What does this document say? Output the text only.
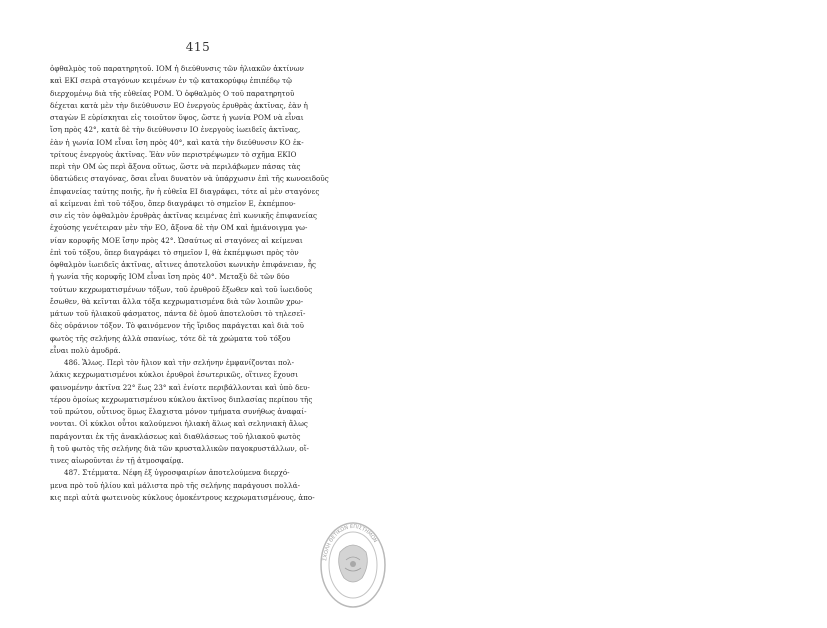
415
ὀφθαλμὸς τοῦ παρατηρητοῦ. ΙΟΜ ἡ διεύθυνσις τῶν ἡλιακῶν ἀκτίνων
καὶ ΕΚΙ σειρὰ σταγόνων κειμένων ἐν τῷ κατακορύφῳ ἐπιπέδῳ τῷ
διερχομένῳ διὰ τῆς εὐθείας ΡΟΜ. Ὁ ὀφθαλμὸς Ο τοῦ παρατηρητοῦ
δέχεται κατὰ μὲν τὴν διεύθυνσιν ΕΟ ἐνεργοὺς ἐρυθρὰς ἀκτῖνας, ἐὰν ἡ
σταγὼν Ε εὑρίσκηται εἰς τοιοῦτον ὕψος, ὥστε ἡ γωνία ΡΟΜ νὰ εἶναι
ἴση πρὸς 42°, κατὰ δὲ τὴν διεύθυνσιν ΙΟ ἐνεργοὺς ἰωειδεῖς ἀκτῖνας,
ἐὰν ἡ γωνία ΙΟΜ εἶναι ἴση πρὸς 40°, καὶ κατὰ τὴν διεύθυνσιν ΚΟ ἐκ-
τρίτους ἐνεργοὺς ἀκτῖνας. Ἐὰν νῦν περιστρέψωμεν τὸ σχῆμα ΕΚΙΟ
περὶ τὴν ΟΜ ὡς περὶ ἄξονα οὕτως, ὥστε νὰ περιλάβωμεν πάσας τὰς
ὑδατώδεις σταγόνας, ὅσαι εἶναι δυνατὸν νὰ ὑπάρχωσιν ἐπὶ τῆς κωνοειδοῦς
ἐπιφανείας ταύτης ποιῆς, ἣν ἡ εὐθεῖα ΕΙ διαγράφει, τότε αἱ μὲν σταγόνες
αἱ κείμεναι ἐπὶ τοῦ τόξου, ὅπερ διαγράφει τὸ σημεῖον Ε, ἐκπέμπου-
σιν εἰς τὸν ὀφθαλμὸν ἐρυθρὰς ἀκτῖνας κειμένας ἐπὶ κωνικῆς ἐπιφανείας
ἐχούσης γενέτειραν μὲν τὴν ΕΟ, ἄξονα δὲ τὴν ΟΜ καὶ ἡμιάνοιγμα γω-
νίαν κορυφῆς ΜΟΕ ἴσην πρὸς 42°. Ὡσαύτως αἱ σταγόνες αἱ κείμεναι
ἐπὶ τοῦ τόξου, ὅπερ διαγράφει τὸ σημεῖον Ι, θὰ ἐκπέμψωσι πρὸς τὸν
ὀφθαλμὸν ἰωειδεῖς ἀκτῖνας, αἵτινες ἀποτελοῦσι κωνικὴν ἐπιφάνειαν, ἧς
ἡ γωνία τῆς κορυφῆς ΙΟΜ εἶναι ἴση πρὸς 40°. Μεταξὺ δὲ τῶν δύο
τούτων κεχρωματισμένων τόξων, τοῦ ἐρυθροῦ ἔξωθεν καὶ τοῦ ἰωειδοῦς
ἔσωθεν, θὰ κεῖνται ἄλλα τόξα κεχρωματισμένα διὰ τῶν λοιπῶν χρω-
μάτων τοῦ ἡλιακοῦ φάσματος, πάντα δὲ ὁμοῦ ἀποτελοῦσι τὸ τηλεσεῖ-
δὲς οὐράνιον τόξον. Τὸ φαινόμενον τῆς ἴριδος παράγεται καὶ διὰ τοῦ
φωτὸς τῆς σελήνης ἀλλὰ σπανίως, τότε δὲ τὰ χρώματα τοῦ τόξου
εἶναι πολὺ ἀμυδρά.
486. Ἅλως. Περὶ τὸν ἥλιον καὶ τὴν σελήνην ἐμφανίζονται πολ-
λάκις κεχρωματισμένοι κύκλοι ἐρυθροὶ ἐσωτερικῶς, οἵτινες ἔχουσι
φαινομένην ἀκτῖνα 22° ἕως 23° καὶ ἐνίοτε περιβάλλονται καὶ ὑπὸ δευ-
τέρου ὁμοίως κεχρωματισμένου κύκλου ἀκτῖνος διπλασίας περίπου τῆς
τοῦ πρώτου, οὗτινος ὅμως ἔλαχιστα μόνον τμήματα συνήθως ἀναφαί-
νονται. Οἱ κύκλοι οὗτοι καλούμενοι ἡλιακὴ ἅλως καὶ σεληνιακὴ ἅλως
παράγονται ἐκ τῆς ἀνακλάσεως καὶ διαθλάσεως τοῦ ἡλιακοῦ φωτὸς
ἢ τοῦ φωτὸς τῆς σελήνης διὰ τῶν κρυσταλλικῶν παγοκρυστάλλων, οἵ-
τινες αἰωροῦνται ἐν τῇ ἀτμοσφαίρᾳ.
487. Στέμματα. Νέφη ἐξ ὑγροσφαιρίων ἀποτελούμενα διερχό-
μενα πρὸ τοῦ ἡλίου καὶ μάλιστα πρὸ τῆς σελήνης παράγουσι πολλά-
κις περὶ αὐτὰ φωτεινοὺς κύκλους ὁμοκέντρους κεχρωματισμένους, ἀπο-
ΣΧΟΛΗ ΘΕΤΙΚΩΝ ΕΠΙΣΤΗΜΩΝ
